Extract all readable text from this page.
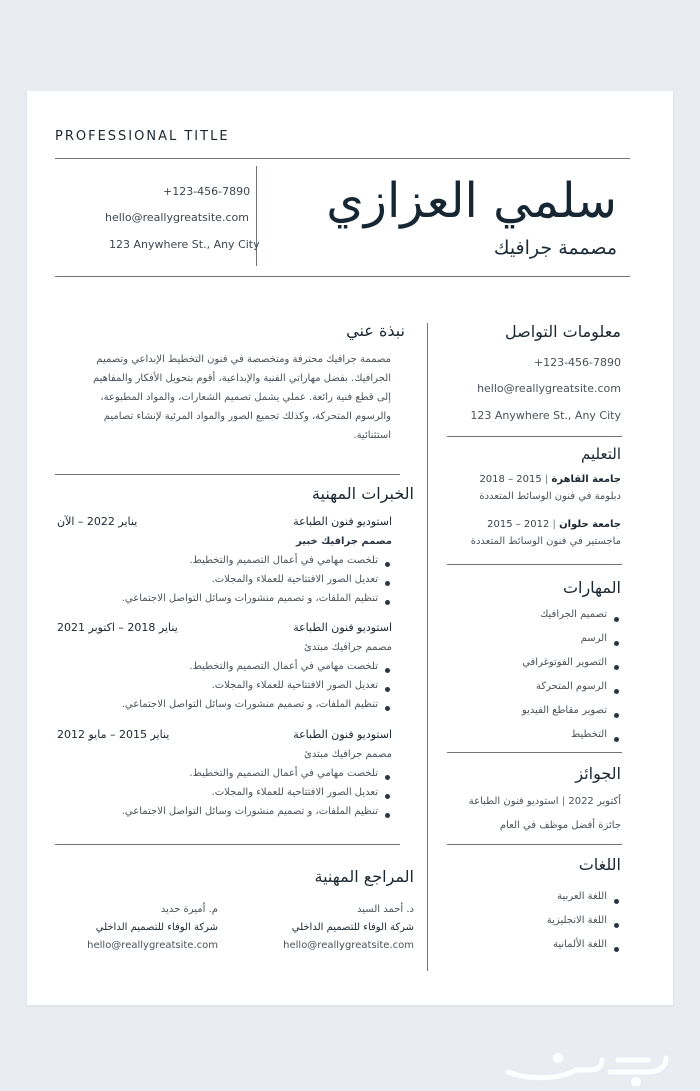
PROFESSIONAL TITLE
سلمي العزازي
مصممة جرافيك
+123-456-7890
hello@reallygreatsite.com
123 Anywhere St., Any City
معلومات التواصل
+123-456-7890
hello@reallygreatsite.com
123 Anywhere St., Any City
التعليم
جامعة القاهرة | 2015 – 2018
دبلومة في فنون الوسائط المتعددة
جامعة حلوان | 2012 – 2015
ماجستير في فنون الوسائط المتعددة
المهارات
تصميم الجرافيك
الرسم
التصوير الفوتوغرافي
الرسوم المتحركة
تصوير مقاطع الفيديو
التخطيط
الجوائز
أكتوبر 2022 | استوديو فنون الطباعة
جائزة أفضل موظف في العام
اللغات
اللغة العربية
اللغة الانجليزية
اللغة الألمانية
نبذة عني
مصممة جرافيك محترفة ومتخصصة في فنون التخطيط الإبداعي وتصميم
الجرافيك. بفضل مهاراتي الفنية والإبداعية، أقوم بتحويل الأفكار والمفاهيم
إلى قطع فنية رائعة. عملي يشمل تصميم الشعارات، والمواد المطبوعة،
والرسوم المتحركة، وكذلك تجميع الصور والمواد المرئية لإنشاء تصاميم
استثنائية.
الخبرات المهنية
استوديو فنون الطباعة
يناير 2022 – الآن
مصمم جرافيك خبير
تلخصت مهامي في أعمال التصميم والتخطيط.
تعديل الصور الافتتاحية للعملاء والمجلات.
تنظيم الملفات، و تصميم منشورات وسائل التواصل الاجتماعي.
استوديو فنون الطباعة
يناير 2018 – اكتوبر 2021
مصمم جرافيك مبتدئ
تلخصت مهامي في أعمال التصميم والتخطيط.
تعديل الصور الافتتاحية للعملاء والمجلات.
تنظيم الملفات، و تصميم منشورات وسائل التواصل الاجتماعي.
استوديو فنون الطباعة
يناير 2015 – مايو 2012
مصمم جرافيك مبتدئ
تلخصت مهامي في أعمال التصميم والتخطيط.
تعديل الصور الافتتاحية للعملاء والمجلات.
تنظيم الملفات، و تصميم منشورات وسائل التواصل الاجتماعي.
المراجع المهنية
د. أحمد السيد
شركة الوفاء للتصميم الداخلي
hello@reallygreatsite.com
م. أميرة حديد
شركة الوفاء للتصميم الداخلي
hello@reallygreatsite.com
